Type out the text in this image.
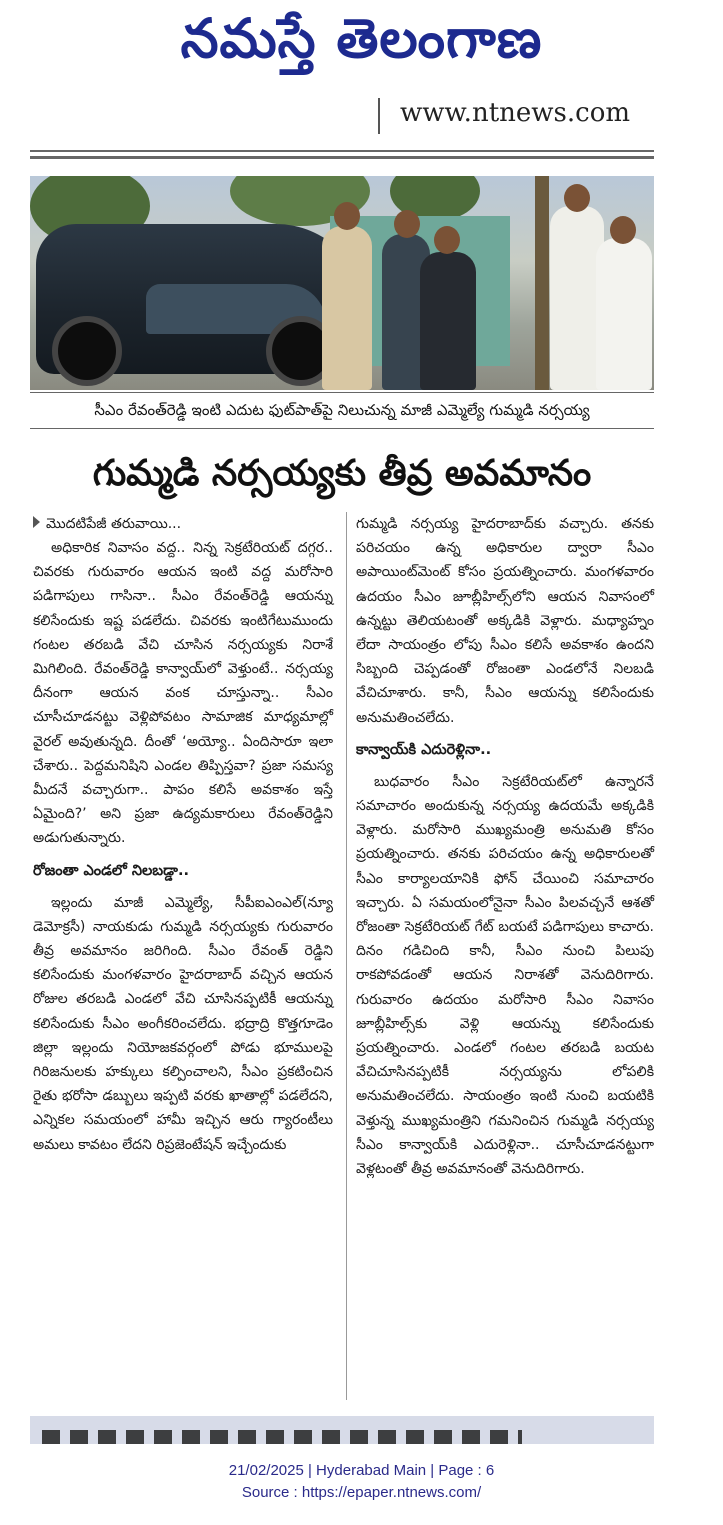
నమస్తే తెలంగాణ
www.ntnews.com
సీఎం రేవంత్‌రెడ్డి ఇంటి ఎదుట ఫుట్‌పాత్‌పై నిలుచున్న మాజీ ఎమ్మెల్యే గుమ్మడి నర్సయ్య
గుమ్మడి నర్సయ్యకు తీవ్ర అవమానం

మొదటిపేజీ తరువాయి...

అధికారిక నివాసం వద్ద.. నిన్న సెక్రటేరియట్ దగ్గర.. చివరకు గురువారం ఆయన ఇంటి వద్ద మరోసారి పడిగాపులు గాసినా.. సీఎం రేవంత్‌రెడ్డి ఆయన్ను కలిసేందుకు ఇష్ట పడలేదు. చివరకు ఇంటిగేటుముందు గంటల తరబడి వేచి చూసిన నర్సయ్యకు నిరాశే మిగిలింది. రేవంత్‌రెడ్డి కాన్వాయ్‌లో వెళ్తుంటే.. నర్సయ్య దీనంగా ఆయన వంక చూస్తున్నా.. సీఎం చూసీచూడనట్టు వెళ్లిపోవటం సామాజిక మాధ్యమాల్లో వైరల్ అవుతున్నది. దీంతో ‘అయ్యో.. ఏందిసారూ ఇలా చేశారు.. పెద్దమనిషిని ఎండల తిప్పిస్తవా? ప్రజా సమస్య మీదనే వచ్చారుగా.. పాపం కలిసే అవకాశం ఇస్తే ఏమైంది?’ అని ప్రజా ఉద్యమకారులు రేవంత్‌రెడ్డిని అడుగుతున్నారు.

రోజంతా ఎండలో నిలబడ్డా..

ఇల్లందు మాజీ ఎమ్మెల్యే, సీపీఐఎంఎల్(న్యూ డెమోక్రసీ) నాయకుడు గుమ్మడి నర్సయ్యకు గురువారం తీవ్ర అవమానం జరిగింది. సీఎం రేవంత్ రెడ్డిని కలిసేందుకు మంగళవారం హైదరాబాద్ వచ్చిన ఆయన రోజుల తరబడి ఎండలో వేచి చూసినప్పటికీ ఆయన్ను కలిసేందుకు సీఎం అంగీకరించలేదు. భద్రాద్రి కొత్తగూడెం జిల్లా ఇల్లందు నియోజకవర్గంలో పోడు భూములపై గిరిజనులకు హక్కులు కల్పించాలని, సీఎం ప్రకటించిన రైతు భరోసా డబ్బులు ఇప్పటి వరకు ఖాతాల్లో పడలేదని, ఎన్నికల సమయంలో హామీ ఇచ్చిన ఆరు గ్యారంటీలు అమలు కావటం లేదని రిప్రజెంటేషన్ ఇచ్చేందుకు

గుమ్మడి నర్సయ్య హైదరాబాద్‌కు వచ్చారు. తనకు పరిచయం ఉన్న అధికారుల ద్వారా సీఎం అపాయింట్‌మెంట్ కోసం ప్రయత్నించారు. మంగళవారం ఉదయం సీఎం జూబ్లీహిల్స్‌లోని ఆయన నివాసంలో ఉన్నట్టు తెలియటంతో అక్కడికి వెళ్లారు. మధ్యాహ్నం లేదా సాయంత్రం లోపు సీఎం కలిసే అవకాశం ఉందని సిబ్బంది చెప్పడంతో రోజంతా ఎండలోనే నిలబడి వేచిచూశారు. కానీ, సీఎం ఆయన్ను కలిసేందుకు అనుమతించలేదు.

కాన్వాయ్‌కి ఎదురెళ్లినా..

బుధవారం సీఎం సెక్రటేరియట్‌లో ఉన్నారనే సమాచారం అందుకున్న నర్సయ్య ఉదయమే అక్కడికి వెళ్లారు. మరోసారి ముఖ్యమంత్రి అనుమతి కోసం ప్రయత్నించారు. తనకు పరిచయం ఉన్న అధికారులతో సీఎం కార్యాలయానికి ఫోన్ చేయించి సమాచారం ఇచ్చారు. ఏ సమయంలోనైనా సీఎం పిలవచ్చనే ఆశతో రోజంతా సెక్రటేరియట్ గేట్ బయటే పడిగాపులు కాచారు. దినం గడిచింది కానీ, సీఎం నుంచి పిలుపు రాకపోవడంతో ఆయన నిరాశతో వెనుదిరిగారు. గురువారం ఉదయం మరోసారి సీఎం నివాసం జూబ్లీహిల్స్‌కు వెళ్లి ఆయన్ను కలిసేందుకు ప్రయత్నించారు. ఎండలో గంటల తరబడి బయట వేచిచూసినప్పటికీ నర్సయ్యను లోపలికి అనుమతించలేదు. సాయంత్రం ఇంటి నుంచి బయటికి వెళ్తున్న ముఖ్యమంత్రిని గమనించిన గుమ్మడి నర్సయ్య సీఎం కాన్వాయ్‌కి ఎదురెళ్లినా.. చూసీచూడనట్టుగా వెళ్లటంతో తీవ్ర అవమానంతో వెనుదిరిగారు.

21/02/2025 | Hyderabad Main | Page : 6
Source : https://epaper.ntnews.com/
